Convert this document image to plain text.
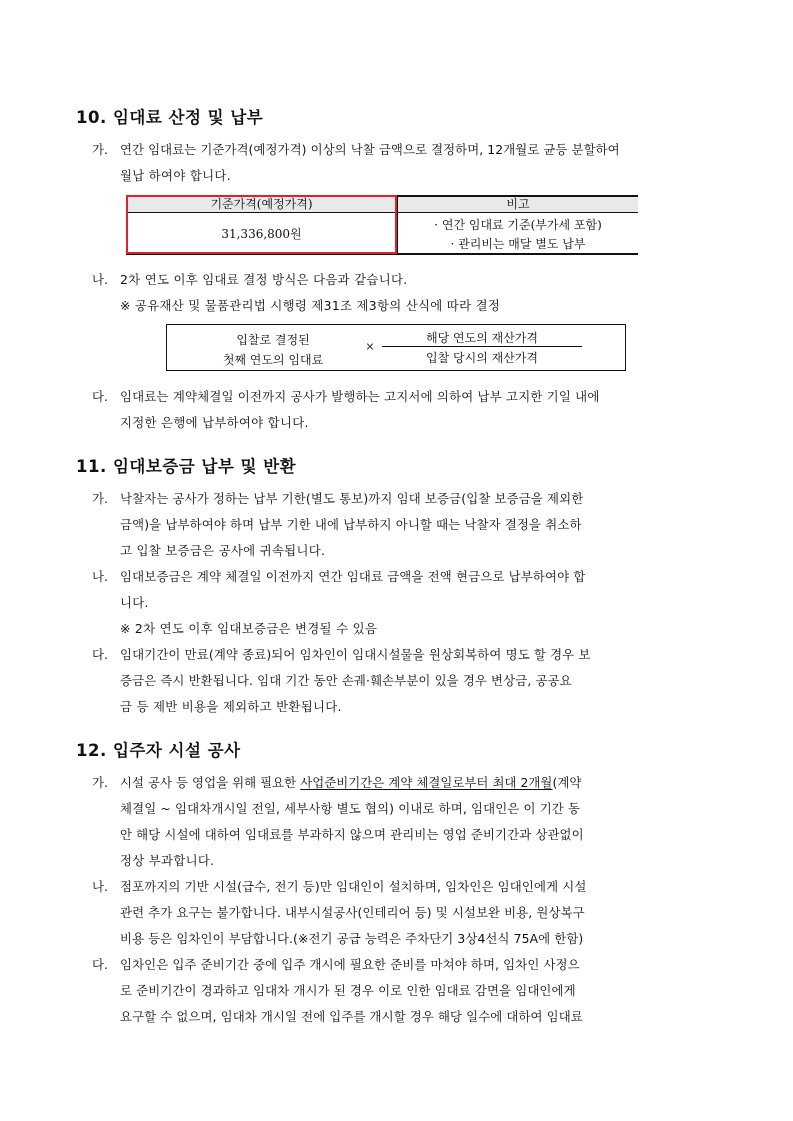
10. 임대료 산정 및 납부
가. 연간 임대료는 기준가격(예정가격) 이상의 낙찰 금액으로 결정하며, 12개월로 균등 분할하여
월납 하여야 합니다.
기준가격(예정가격)	비고
31,336,800원
· 연간 임대료 기준(부가세 포함)
· 관리비는 매달 별도 납부
나. 2차 연도 이후 임대료 결정 방식은 다음과 같습니다.
※ 공유재산 및 물품관리법 시행령 제31조 제3항의 산식에 따라 결정
입찰로 결정된
첫째 연도의 임대료
×
해당 연도의 재산가격
입찰 당시의 재산가격
다. 임대료는 계약체결일 이전까지 공사가 발행하는 고지서에 의하여 납부 고지한 기일 내에
지정한 은행에 납부하여야 합니다.
11. 임대보증금 납부 및 반환
가. 낙찰자는 공사가 정하는 납부 기한(별도 통보)까지 임대 보증금(입찰 보증금을 제외한
금액)을 납부하여야 하며 납부 기한 내에 납부하지 아니할 때는 낙찰자 결정을 취소하
고 입찰 보증금은 공사에 귀속됩니다.
나. 임대보증금은 계약 체결일 이전까지 연간 임대료 금액을 전액 현금으로 납부하여야 합
니다.
※ 2차 연도 이후 임대보증금은 변경될 수 있음
다. 임대기간이 만료(계약 종료)되어 임차인이 임대시설물을 원상회복하여 명도 할 경우 보
증금은 즉시 반환됩니다. 임대 기간 동안 손궤·훼손부분이 있을 경우 변상금, 공공요
금 등 제반 비용을 제외하고 반환됩니다.
12. 입주자 시설 공사
가. 시설 공사 등 영업을 위해 필요한 사업준비기간은 계약 체결일로부터 최대 2개월(계약
체결일 ~ 임대차개시일 전일, 세부사항 별도 협의) 이내로 하며, 임대인은 이 기간 동
안 해당 시설에 대하여 임대료를 부과하지 않으며 관리비는 영업 준비기간과 상관없이
정상 부과합니다.
나. 점포까지의 기반 시설(급수, 전기 등)만 임대인이 설치하며, 임차인은 임대인에게 시설
관련 추가 요구는 불가합니다. 내부시설공사(인테리어 등) 및 시설보완 비용, 원상복구
비용 등은 임차인이 부담합니다.(※전기 공급 능력은 주차단기 3상4선식 75A에 한함)
다. 임차인은 입주 준비기간 중에 입주 개시에 필요한 준비를 마쳐야 하며, 임차인 사정으
로 준비기간이 경과하고 임대차 개시가 된 경우 이로 인한 임대료 감면을 임대인에게
요구할 수 없으며, 임대차 개시일 전에 입주를 개시할 경우 해당 일수에 대하여 임대료
